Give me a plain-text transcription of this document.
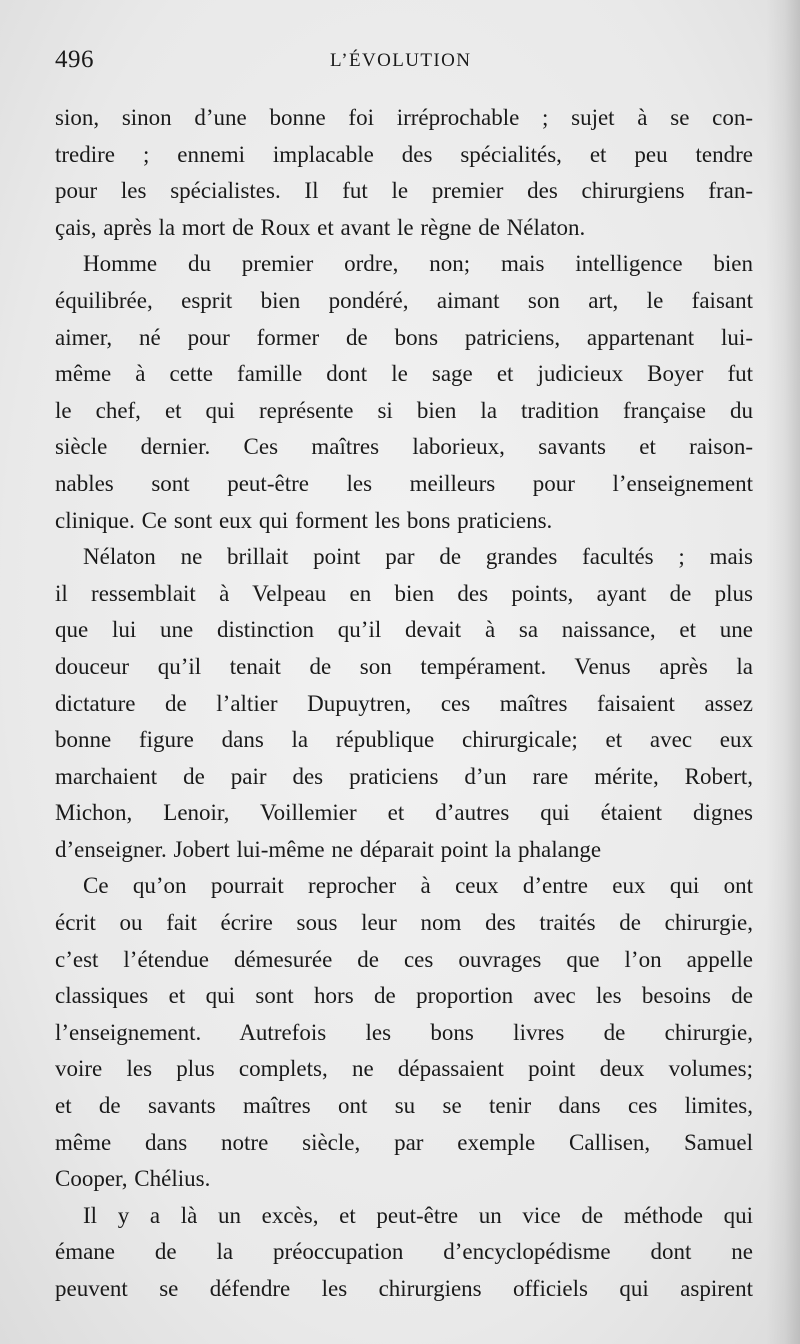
496	L’ÉVOLUTION
sion, sinon d’une bonne foi irréprochable ; sujet à se con-
tredire ; ennemi implacable des spécialités, et peu tendre
pour les spécialistes. Il fut le premier des chirurgiens fran-
çais, après la mort de Roux et avant le règne de Nélaton.
Homme du premier ordre, non; mais intelligence bien
équilibrée, esprit bien pondéré, aimant son art, le faisant
aimer, né pour former de bons patriciens, appartenant lui-
même à cette famille dont le sage et judicieux Boyer fut
le chef, et qui représente si bien la tradition française du
siècle dernier. Ces maîtres laborieux, savants et raison-
nables sont peut-être les meilleurs pour l’enseignement
clinique. Ce sont eux qui forment les bons praticiens.
Nélaton ne brillait point par de grandes facultés ; mais
il ressemblait à Velpeau en bien des points, ayant de plus
que lui une distinction qu’il devait à sa naissance, et une
douceur qu’il tenait de son tempérament. Venus après la
dictature de l’altier Dupuytren, ces maîtres faisaient assez
bonne figure dans la république chirurgicale; et avec eux
marchaient de pair des praticiens d’un rare mérite, Robert,
Michon, Lenoir, Voillemier et d’autres qui étaient dignes
d’enseigner. Jobert lui-même ne déparait point la phalange
Ce qu’on pourrait reprocher à ceux d’entre eux qui ont
écrit ou fait écrire sous leur nom des traités de chirurgie,
c’est l’étendue démesurée de ces ouvrages que l’on appelle
classiques et qui sont hors de proportion avec les besoins de
l’enseignement. Autrefois les bons livres de chirurgie,
voire les plus complets, ne dépassaient point deux volumes;
et de savants maîtres ont su se tenir dans ces limites,
même dans notre siècle, par exemple Callisen, Samuel
Cooper, Chélius.
Il y a là un excès, et peut-être un vice de méthode qui
émane de la préoccupation d’encyclopédisme dont ne
peuvent se défendre les chirurgiens officiels qui aspirent
